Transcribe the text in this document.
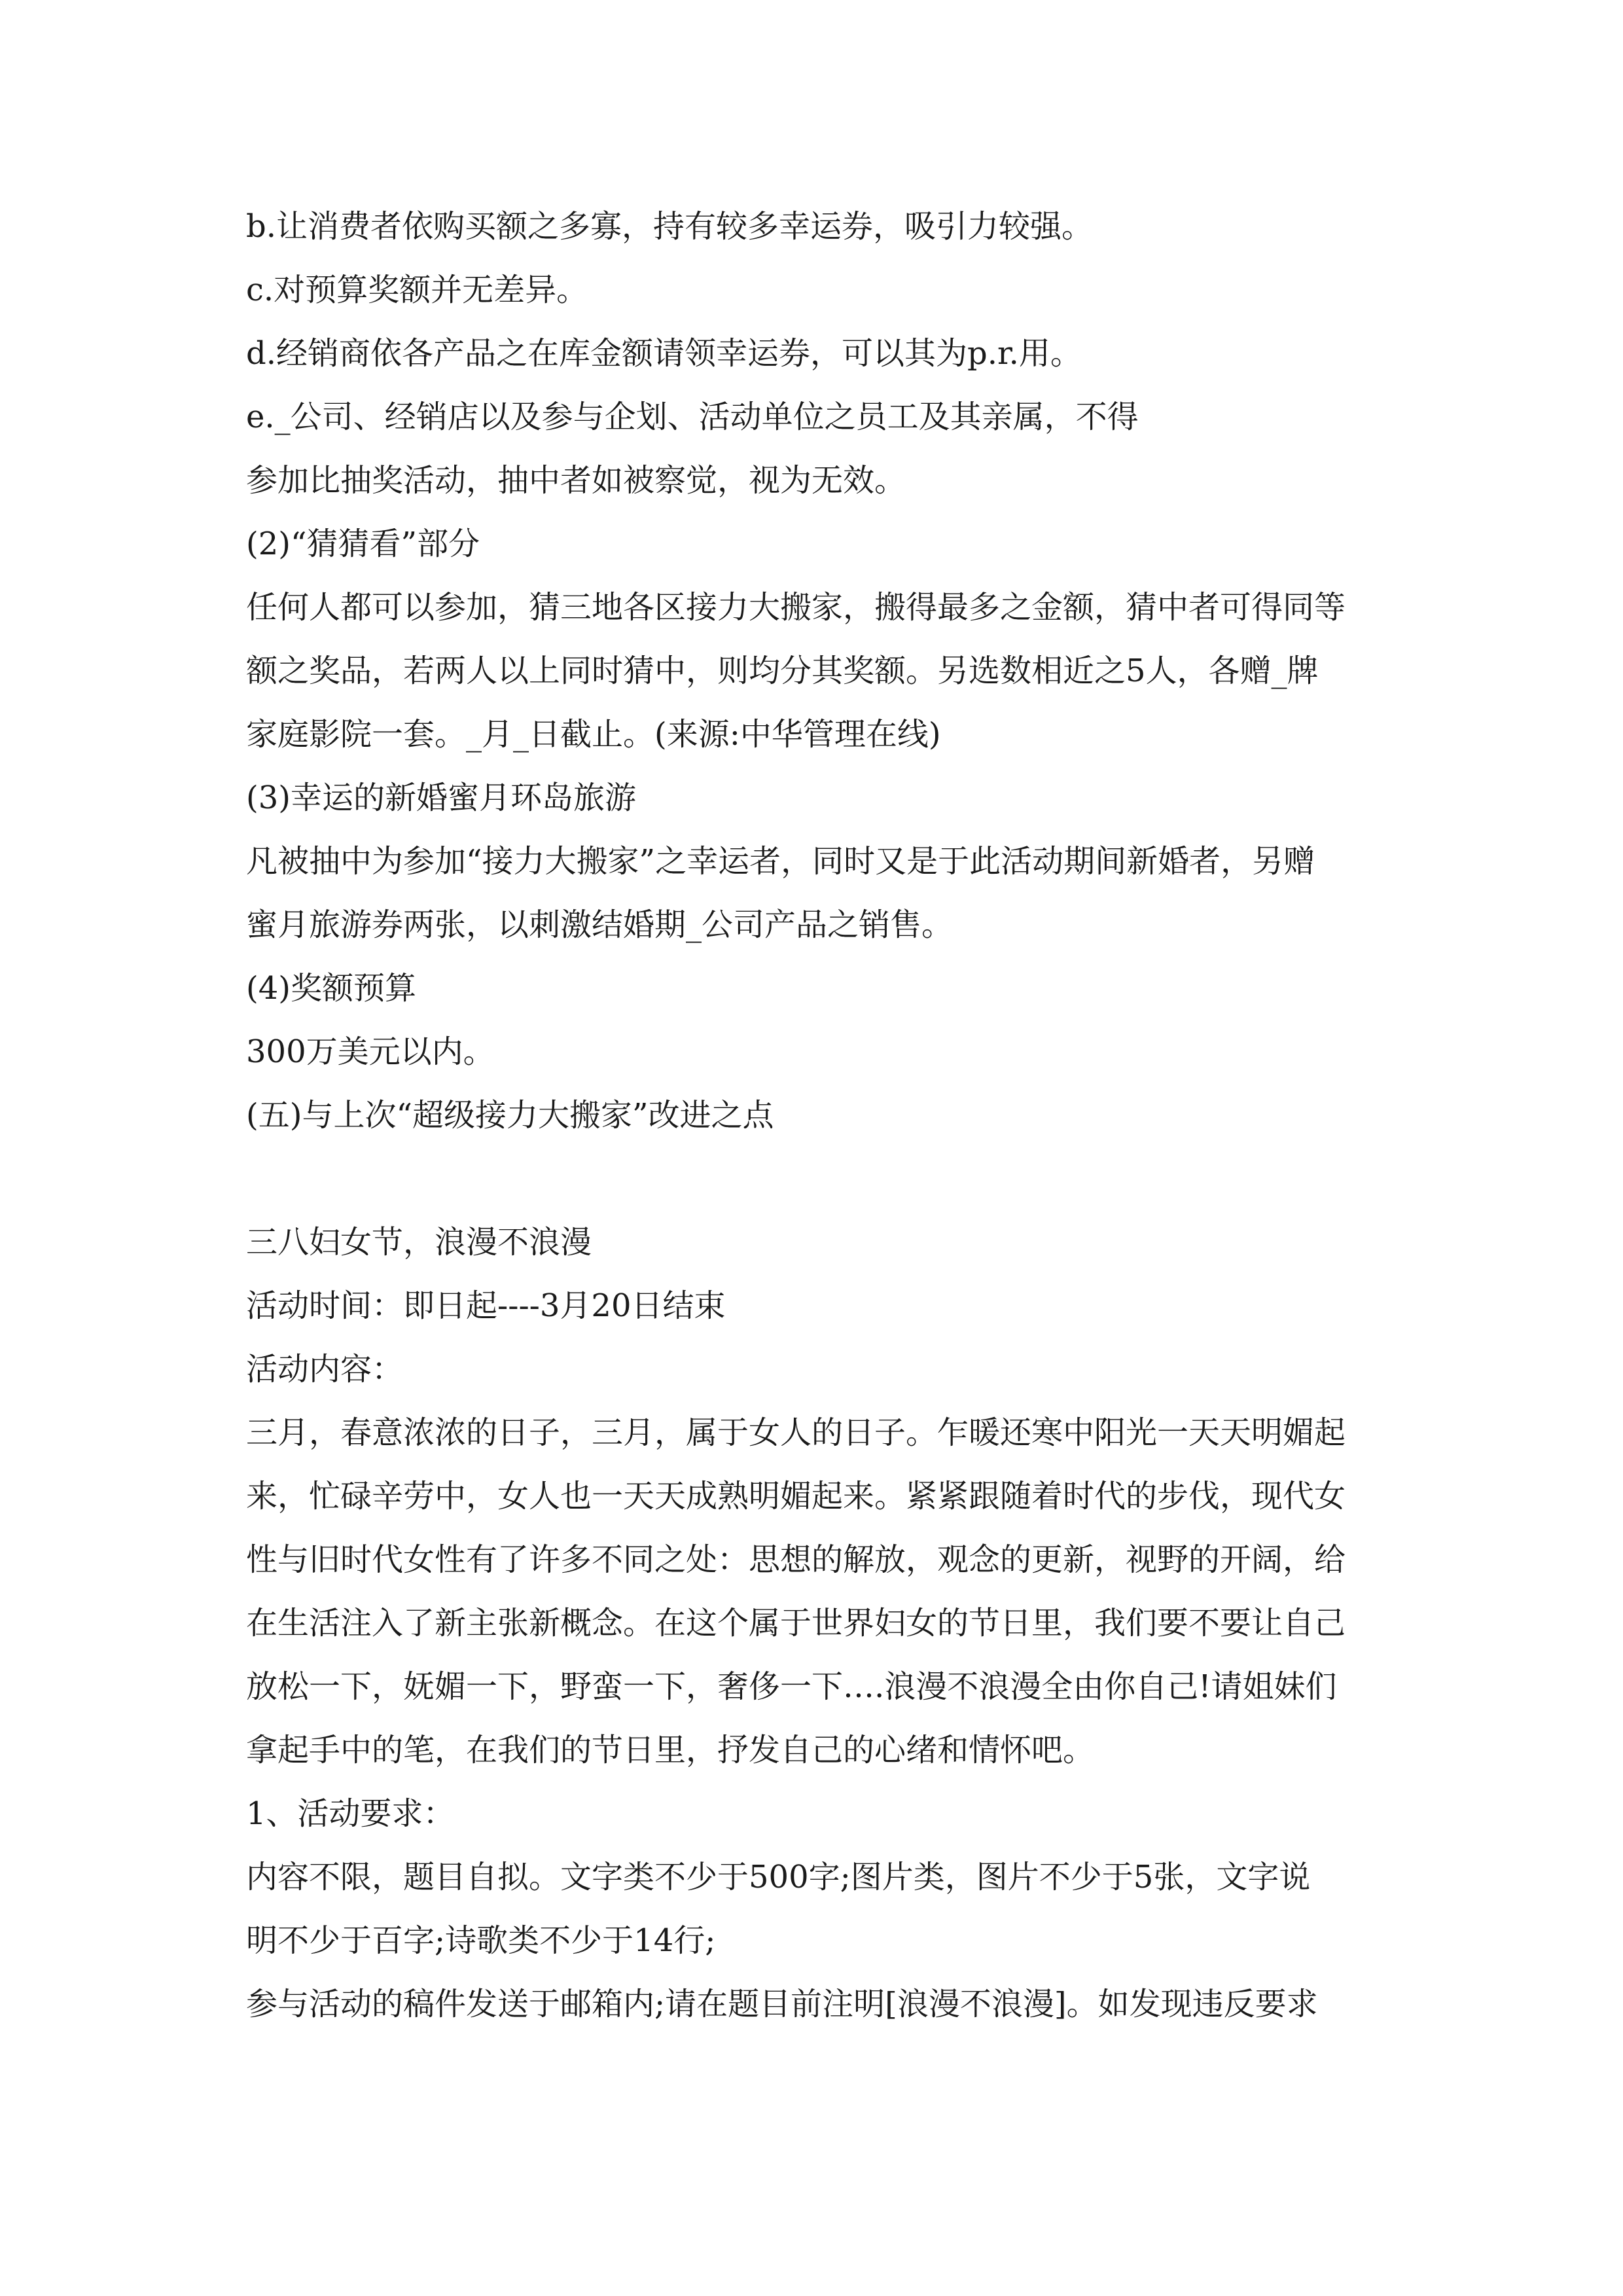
b.让消费者依购买额之多寡，持有较多幸运券，吸引力较强。
c.对预算奖额并无差异。
d.经销商依各产品之在库金额请领幸运券，可以其为p.r.用。
e._公司、经销店以及参与企划、活动单位之员工及其亲属，不得
参加比抽奖活动，抽中者如被察觉，视为无效。
(2)“猜猜看”部分
任何人都可以参加，猜三地各区接力大搬家，搬得最多之金额，猜中者可得同等
额之奖品，若两人以上同时猜中，则均分其奖额。另选数相近之5人，各赠_牌
家庭影院一套。_月_日截止。(来源:中华管理在线)
(3)幸运的新婚蜜月环岛旅游
凡被抽中为参加“接力大搬家”之幸运者，同时又是于此活动期间新婚者，另赠
蜜月旅游券两张，以刺激结婚期_公司产品之销售。
(4)奖额预算
300万美元以内。
(五)与上次“超级接力大搬家”改进之点
三八妇女节，浪漫不浪漫
活动时间：即日起----3月20日结束
活动内容：
三月，春意浓浓的日子，三月，属于女人的日子。乍暖还寒中阳光一天天明媚起
来，忙碌辛劳中，女人也一天天成熟明媚起来。紧紧跟随着时代的步伐，现代女
性与旧时代女性有了许多不同之处：思想的解放，观念的更新，视野的开阔，给
在生活注入了新主张新概念。在这个属于世界妇女的节日里，我们要不要让自己
放松一下，妩媚一下，野蛮一下，奢侈一下….浪漫不浪漫全由你自己!请姐妹们
拿起手中的笔，在我们的节日里，抒发自己的心绪和情怀吧。
1、活动要求：
内容不限，题目自拟。文字类不少于500字;图片类，图片不少于5张，文字说
明不少于百字;诗歌类不少于14行;
参与活动的稿件发送于邮箱内;请在题目前注明[浪漫不浪漫]。如发现违反要求
